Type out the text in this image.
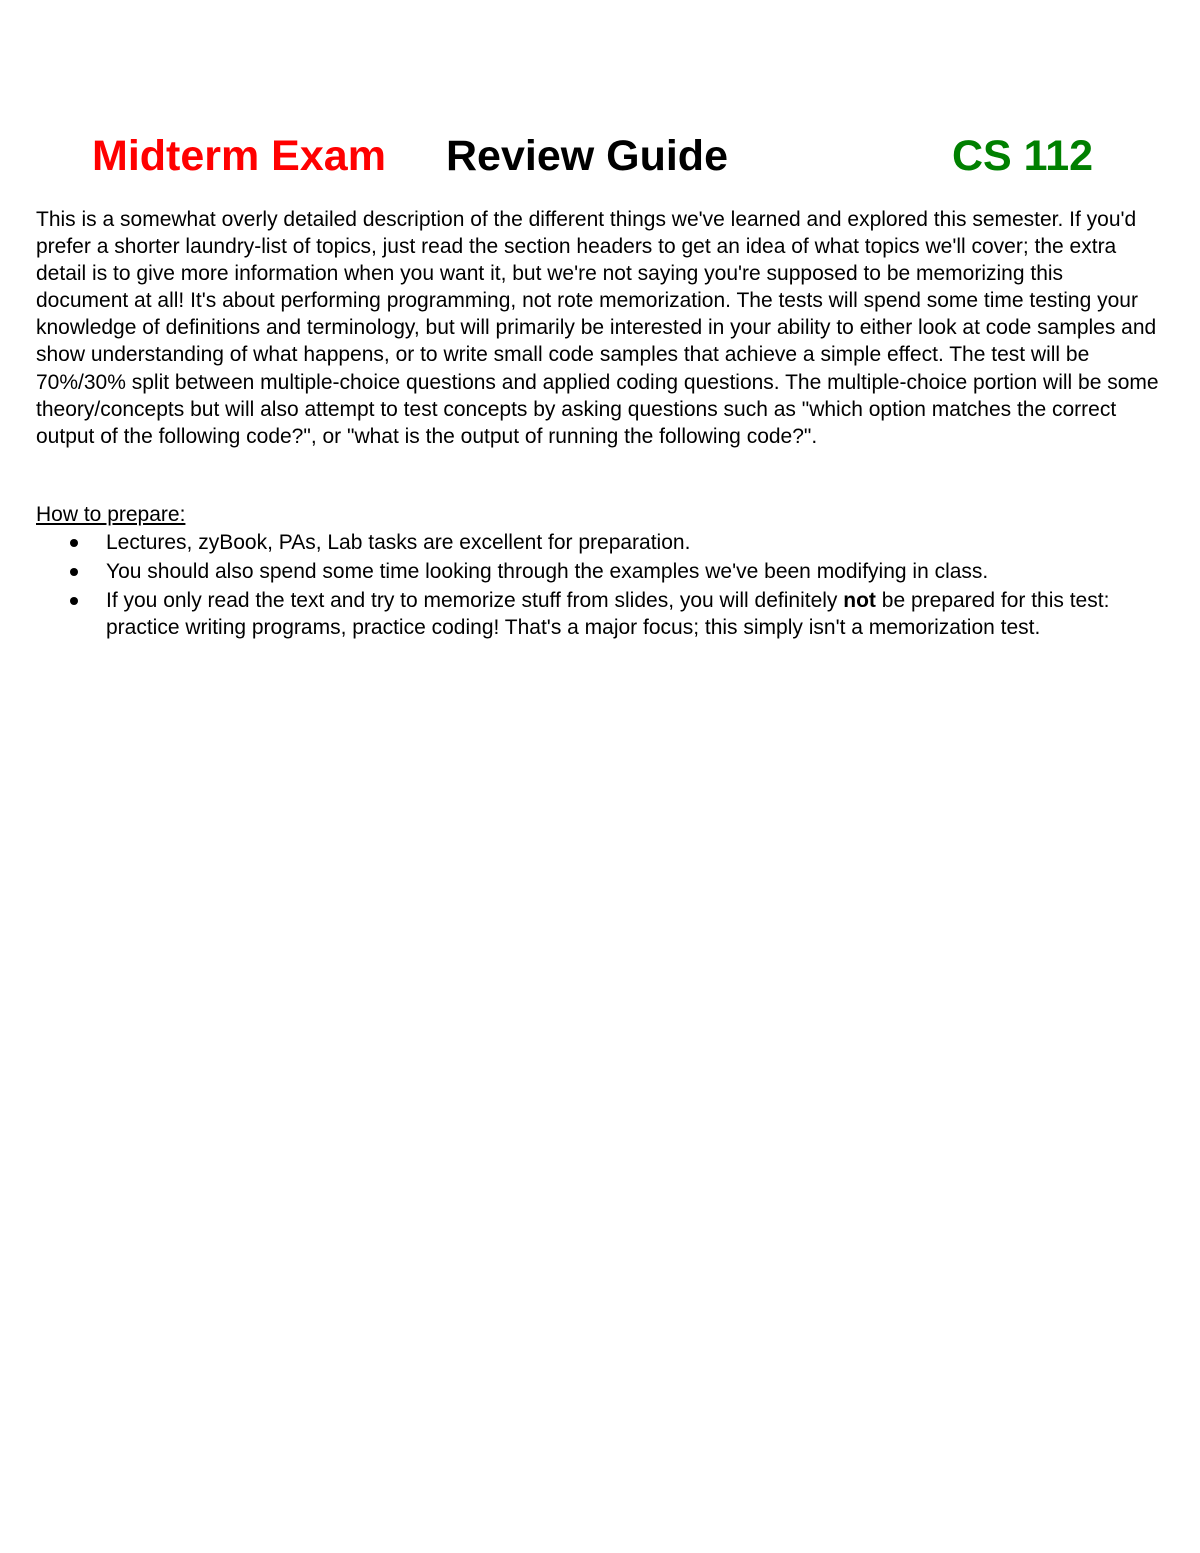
Midterm Exam Review Guide	CS 112

This is a somewhat overly detailed description of the different things we've learned and explored this semester. If you'd prefer a shorter laundry-list of topics, just read the section headers to get an idea of what topics we'll cover; the extra detail is to give more information when you want it, but we're not saying you're supposed to be memorizing this document at all! It's about performing programming, not rote memorization. The tests will spend some time testing your knowledge of definitions and terminology, but will primarily be interested in your ability to either look at code samples and show understanding of what happens, or to write small code samples that achieve a simple effect. The test will be 70%/30% split between multiple-choice questions and applied coding questions. The multiple-choice portion will be some theory/concepts but will also attempt to test concepts by asking questions such as "which option matches the correct output of the following code?", or "what is the output of running the following code?".

How to prepare:

Lectures, zyBook, PAs, Lab tasks are excellent for preparation.
You should also spend some time looking through the examples we've been modifying in class.
If you only read the text and try to memorize stuff from slides, you will definitely not be prepared for this test: practice writing programs, practice coding! That's a major focus; this simply isn't a memorization test.
